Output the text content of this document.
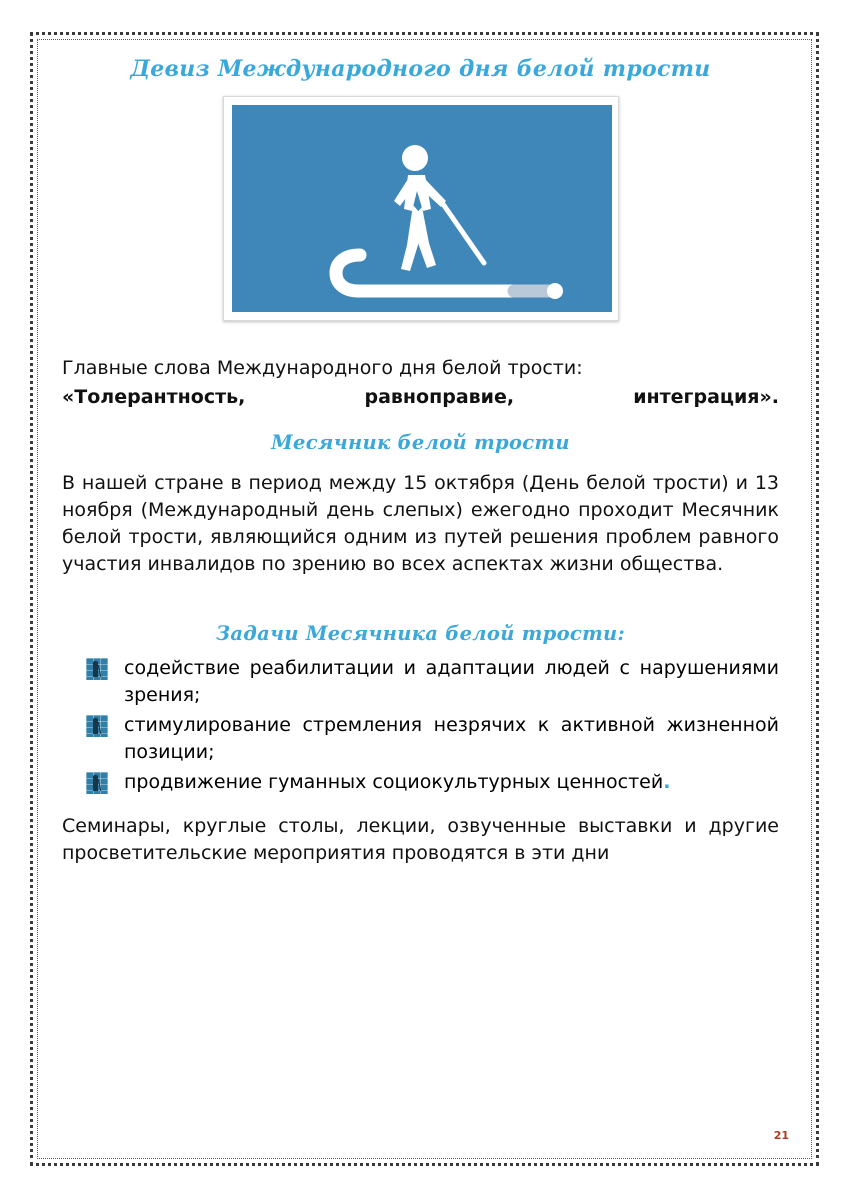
Девиз Международного дня белой трости

Главные слова Международного дня белой трости:
«Толерантность, равноправие, интеграция».

Месячник белой трости

В нашей стране в период между 15 октября (День белой трости) и 13 ноября (Международный день слепых) ежегодно проходит Месячник белой трости, являющийся одним из путей решения проблем равного участия инвалидов по зрению во всех аспектах жизни общества.

Задачи Месячника белой трости:
содействие реабилитации и адаптации людей с нарушениями зрения;
стимулирование стремления незрячих к активной жизненной позиции;
продвижение гуманных социокультурных ценностей.

Семинары, круглые столы, лекции, озвученные выставки и другие просветительские мероприятия проводятся в эти дни

21
